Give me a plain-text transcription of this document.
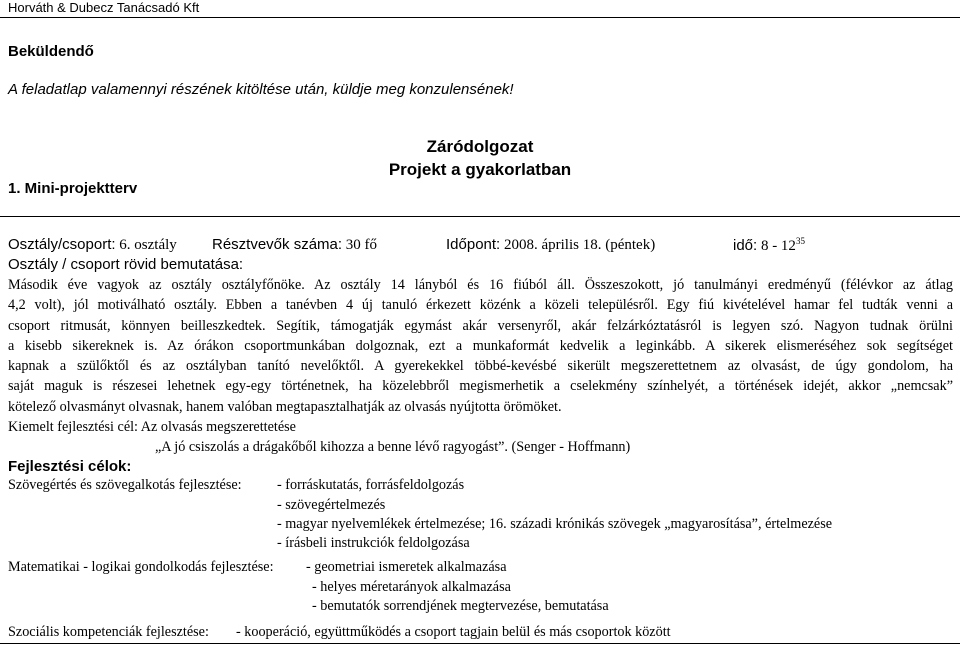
Horváth & Dubecz Tanácsadó Kft
Beküldendő
A feladatlap valamennyi részének kitöltése után, küldje meg konzulensének!
Záródolgozat
Projekt a gyakorlatban
1. Mini-projektterv
Osztály/csoport: 6. osztály Résztvevők száma: 30 fő	Időpont: 2008. április 18. (péntek)	idő: $8 - 12^{35}$
Osztály / csoport rövid bemutatása:
Második éve vagyok az osztály osztályfőnöke. Az osztály 14 lányból és 16 fiúból áll. Összeszokott, jó tanulmányi eredményű (félévkor az átlag
4,2 volt), jól motiválható osztály. Ebben a tanévben 4 új tanuló érkezett közénk a közeli településről. Egy fiú kivételével hamar fel tudták venni a
csoport ritmusát, könnyen beilleszkedtek. Segítik, támogatják egymást akár versenyről, akár felzárkóztatásról is legyen szó. Nagyon tudnak örülni
a kisebb sikereknek is. Az órákon csoportmunkában dolgoznak, ezt a munkaformát kedvelik a leginkább. A sikerek elismeréséhez sok segítséget
kapnak a szülőktől és az osztályban tanító nevelőktől. A gyerekekkel többé-kevésbé sikerült megszerettetnem az olvasást, de úgy gondolom, ha
saját maguk is részesei lehetnek egy-egy történetnek, ha közelebbről megismerhetik a cselekmény színhelyét, a történések idejét, akkor „nemcsak”
kötelező olvasmányt olvasnak, hanem valóban megtapasztalhatják az olvasás nyújtotta örömöket.
Kiemelt fejlesztési cél: Az olvasás megszerettetése
„A jó csiszolás a drágakőből kihozza a benne lévő ragyogást”. (Senger - Hoffmann)
Fejlesztési célok:
Szövegértés és szövegalkotás fejlesztése: - forráskutatás, forrásfeldolgozás
- szövegértelmezés
- magyar nyelvemlékek értelmezése; 16. századi krónikás szövegek „magyarosítása”, értelmezése
- írásbeli instrukciók feldolgozása
Matematikai - logikai gondolkodás fejlesztése: - geometriai ismeretek alkalmazása
- helyes méretarányok alkalmazása
- bemutatók sorrendjének megtervezése, bemutatása
Szociális kompetenciák fejlesztése: - kooperáció, együttműködés a csoport tagjain belül és más csoportok között
